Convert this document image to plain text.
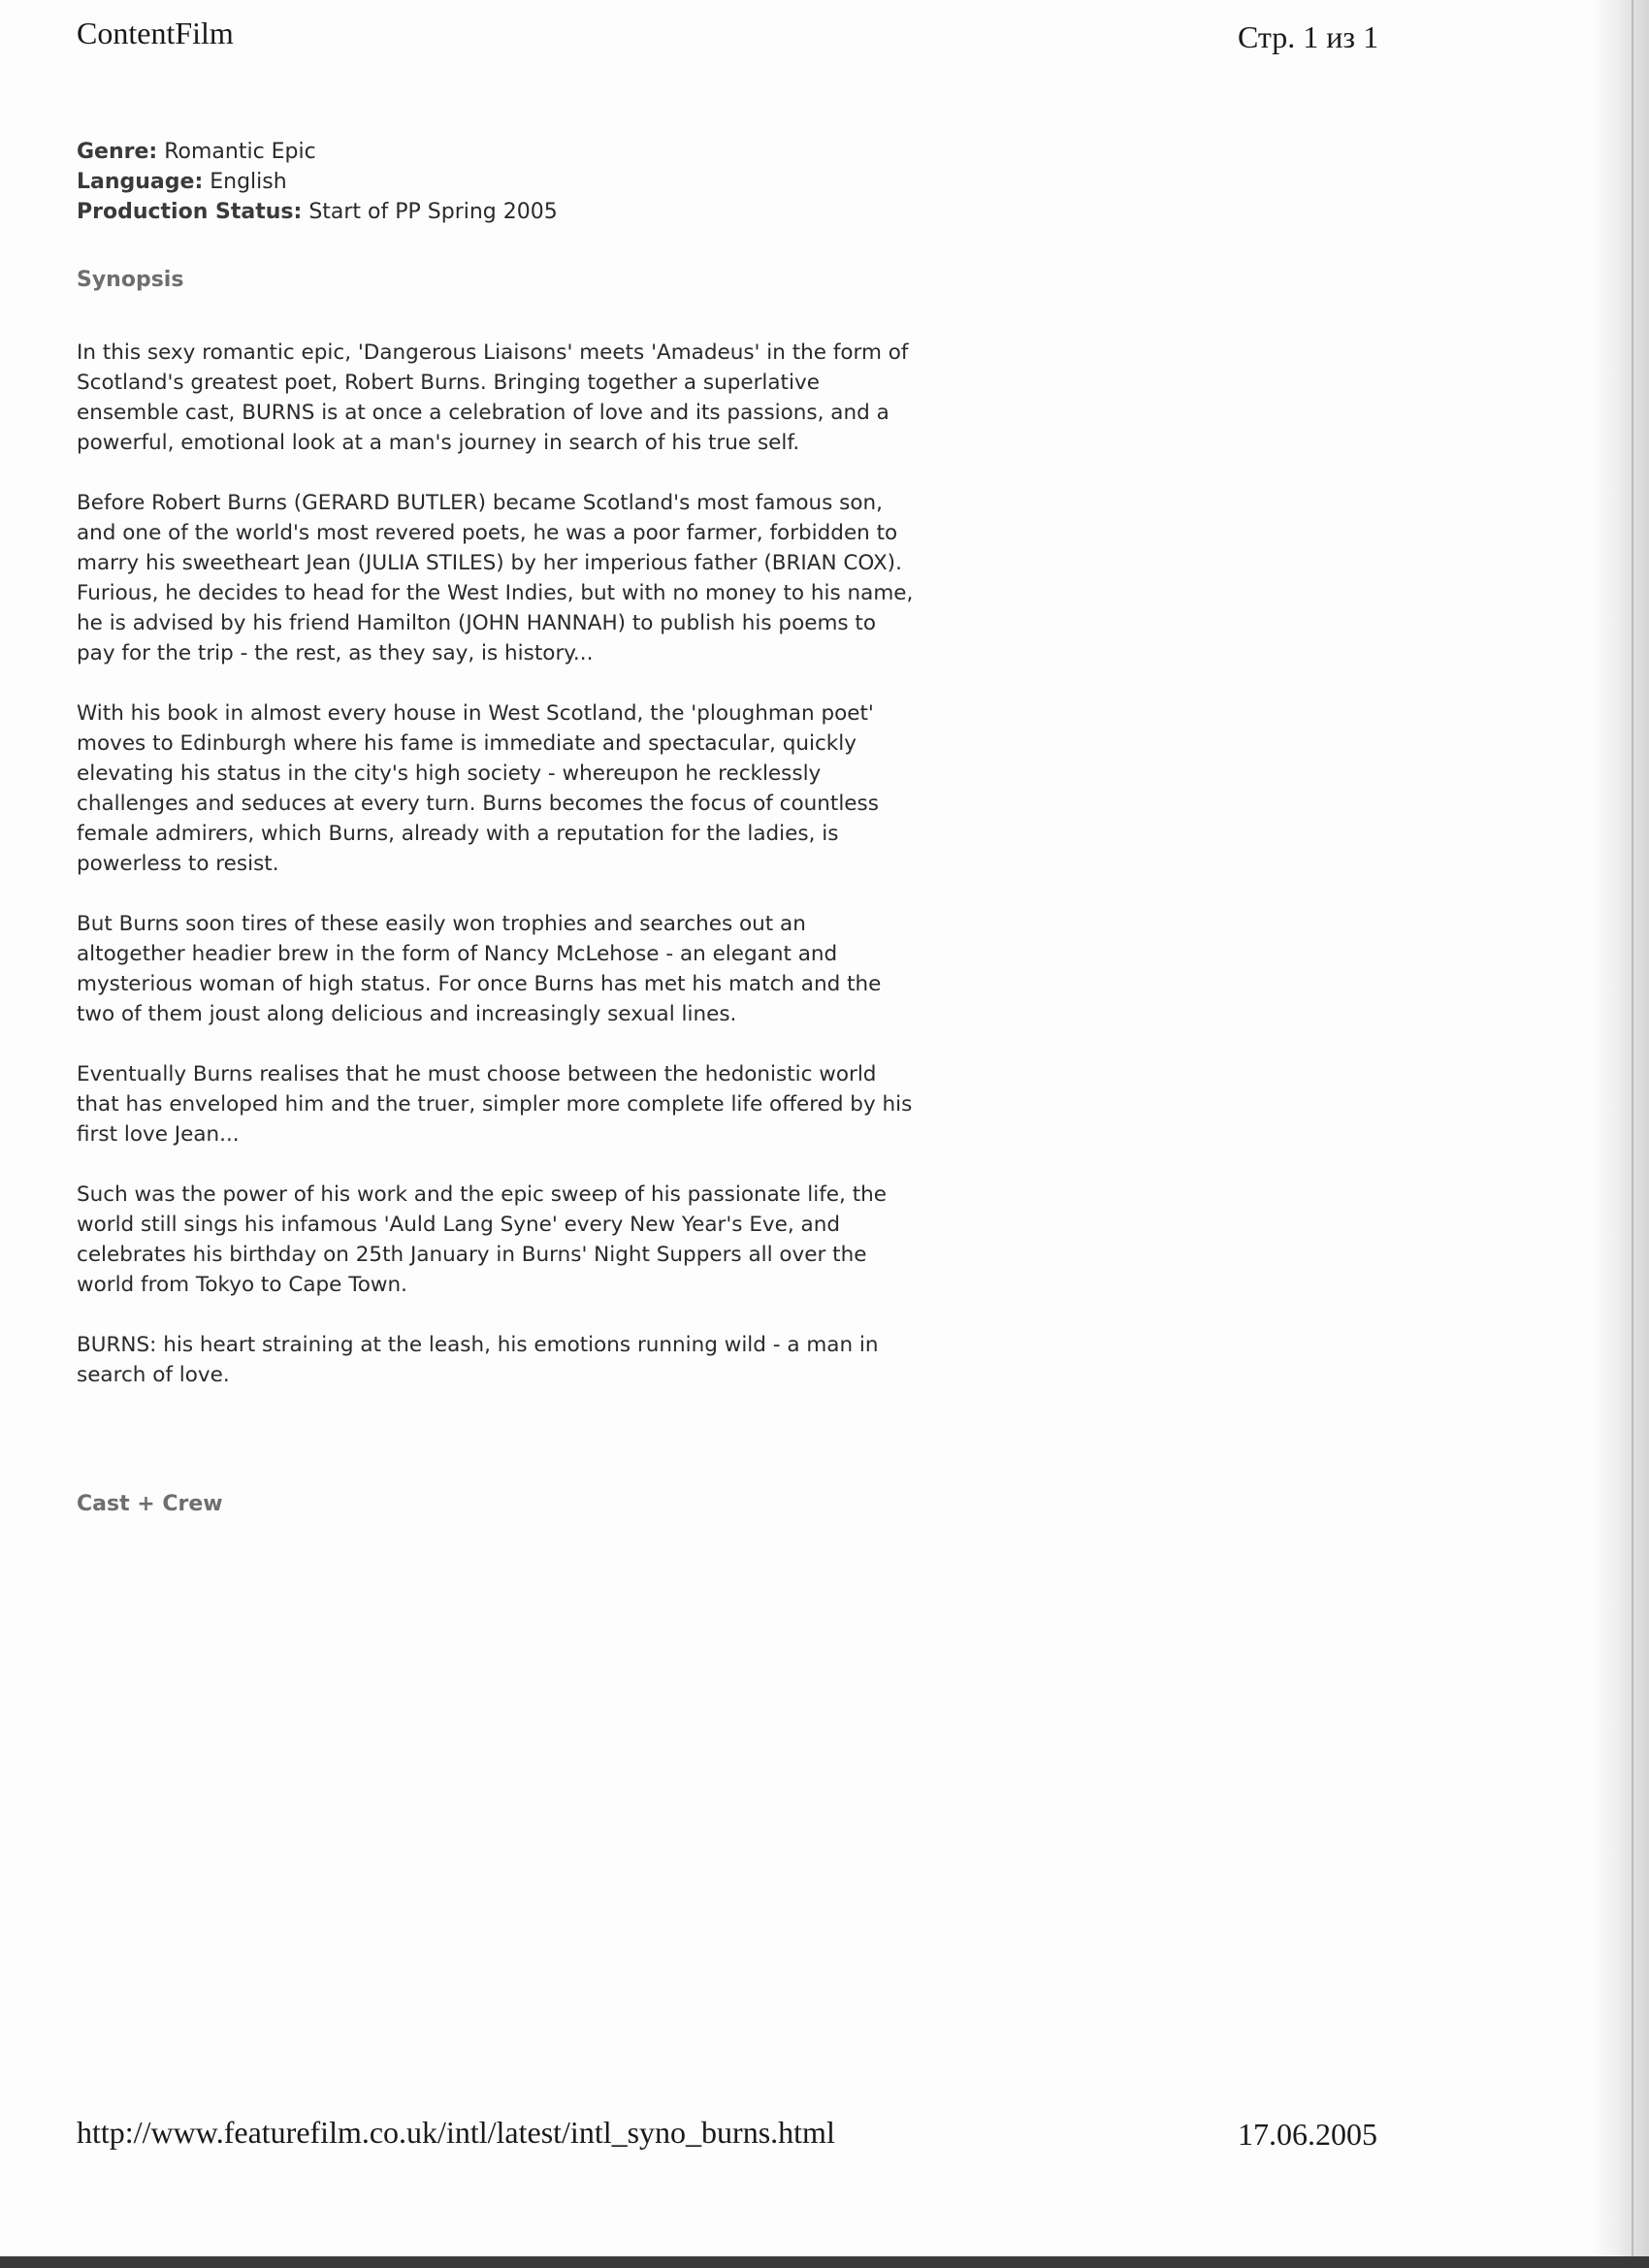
ContentFilm	Стр. 1 из 1
Genre: Romantic Epic
Language: English
Production Status: Start of PP Spring 2005
Synopsis

In this sexy romantic epic, 'Dangerous Liaisons' meets 'Amadeus' in the form of Scotland's greatest poet, Robert Burns. Bringing together a superlative ensemble cast, BURNS is at once a celebration of love and its passions, and a powerful, emotional look at a man's journey in search of his true self.

Before Robert Burns (GERARD BUTLER) became Scotland's most famous son, and one of the world's most revered poets, he was a poor farmer, forbidden to marry his sweetheart Jean (JULIA STILES) by her imperious father (BRIAN COX). Furious, he decides to head for the West Indies, but with no money to his name, he is advised by his friend Hamilton (JOHN HANNAH) to publish his poems to pay for the trip - the rest, as they say, is history...

With his book in almost every house in West Scotland, the 'ploughman poet' moves to Edinburgh where his fame is immediate and spectacular, quickly elevating his status in the city's high society - whereupon he recklessly challenges and seduces at every turn. Burns becomes the focus of countless female admirers, which Burns, already with a reputation for the ladies, is powerless to resist.

But Burns soon tires of these easily won trophies and searches out an altogether headier brew in the form of Nancy McLehose - an elegant and mysterious woman of high status. For once Burns has met his match and the two of them joust along delicious and increasingly sexual lines.

Eventually Burns realises that he must choose between the hedonistic world that has enveloped him and the truer, simpler more complete life offered by his first love Jean...

Such was the power of his work and the epic sweep of his passionate life, the world still sings his infamous 'Auld Lang Syne' every New Year's Eve, and celebrates his birthday on 25th January in Burns' Night Suppers all over the world from Tokyo to Cape Town.

BURNS: his heart straining at the leash, his emotions running wild - a man in search of love.

Cast + Crew
http://www.featurefilm.co.uk/intl/latest/intl_syno_burns.html	17.06.2005
